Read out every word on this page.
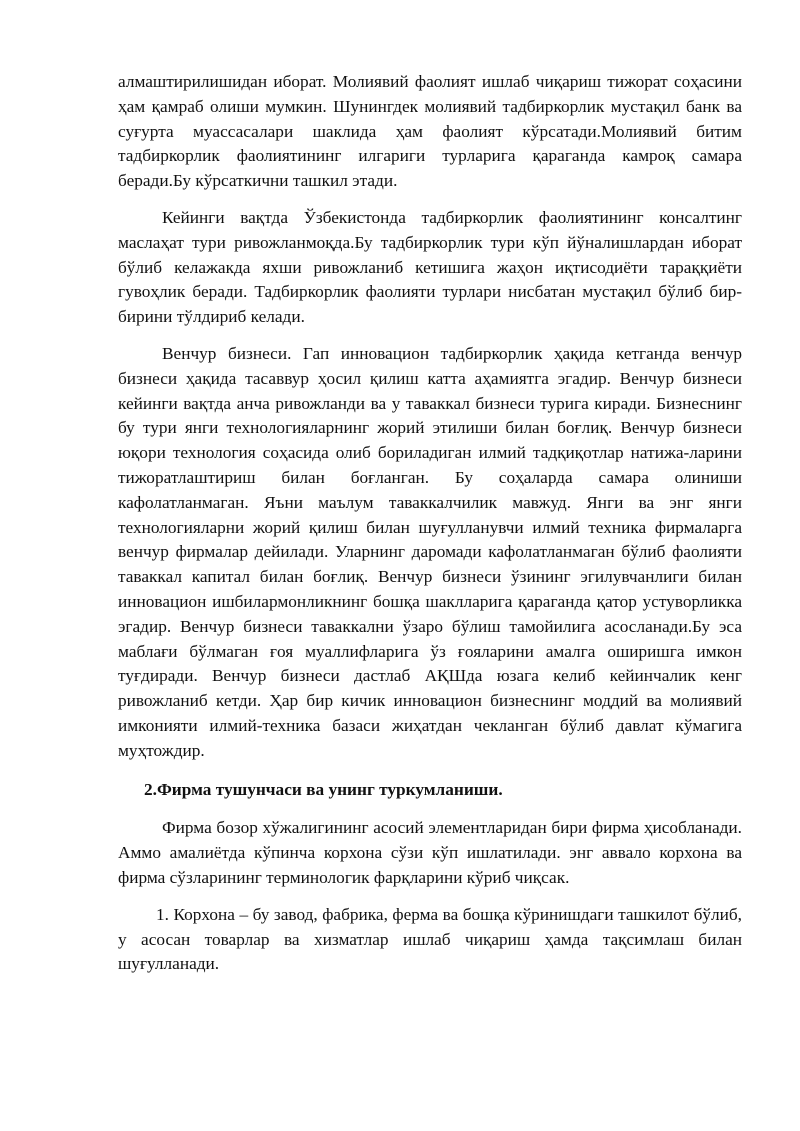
алмаштирилишидан иборат. Молиявий фаолият ишлаб чиқариш тижорат соҳасини ҳам қамраб олиши мумкин. Шунингдек молиявий тадбиркорлик мустақил банк ва суғурта муассасалари шаклида ҳам фаолият кўрсатади.Молиявий битим тадбиркорлик фаолиятининг илгариги турларига қараганда камроқ самара беради.Бу кўрсаткични ташкил этади.

Кейинги вақтда Ўзбекистонда тадбиркорлик фаолиятининг консалтинг маслаҳат тури ривожланмоқда.Бу тадбиркорлик тури кўп йўналишлардан иборат бўлиб келажакда яхши ривожланиб кетишига жаҳон иқтисодиёти тараққиёти гувоҳлик беради. Тадбиркорлик фаолияти турлари нисбатан мустақил бўлиб бир-бирини тўлдириб келади.

Венчур бизнеси. Гап инновацион тадбиркорлик ҳақида кетганда венчур бизнеси ҳақида тасаввур ҳосил қилиш катта аҳамиятга эгадир. Венчур бизнеси кейинги вақтда анча ривожланди ва у таваккал бизнеси турига киради. Бизнеснинг бу тури янги технологияларнинг жорий этилиши билан боғлиқ. Венчур бизнеси юқори технология соҳасида олиб бориладиган илмий тадқиқотлар натижа-ларини тижоратлаштириш билан боғланган. Бу соҳаларда самара олиниши кафолатланмаган. Яъни маълум таваккалчилик мавжуд. Янги ва энг янги технологияларни жорий қилиш билан шуғулланувчи илмий техника фирмаларга венчур фирмалар дейилади. Уларнинг даромади кафолатланмаган бўлиб фаолияти таваккал капитал билан боғлиқ. Венчур бизнеси ўзининг эгилувчанлиги билан инновацион ишбилармонликнинг бошқа шаклларига қараганда қатор устуворликка эгадир. Венчур бизнеси таваккални ўзаро бўлиш тамойилига асосланади.Бу эса маблағи бўлмаган ғоя муаллифларига ўз ғояларини амалга оширишга имкон туғдиради. Венчур бизнеси дастлаб АҚШда юзага келиб кейинчалик кенг ривожланиб кетди. Ҳар бир кичик инновацион бизнеснинг моддий ва молиявий имконияти илмий-техника базаси жиҳатдан чекланган бўлиб давлат кўмагига муҳтождир.

2.Фирма тушунчаси ва унинг туркумланиши.

Фирма бозор хўжалигининг асосий элементларидан бири фирма ҳисобланади. Аммо амалиётда кўпинча корхона сўзи кўп ишлатилади. энг аввало корхона ва фирма сўзларининг терминологик фарқларини кўриб чиқсак.

1. Корхона – бу завод, фабрика, ферма ва бошқа кўринишдаги ташкилот бўлиб, у асосан товарлар ва хизматлар ишлаб чиқариш ҳамда тақсимлаш билан шуғулланади.
